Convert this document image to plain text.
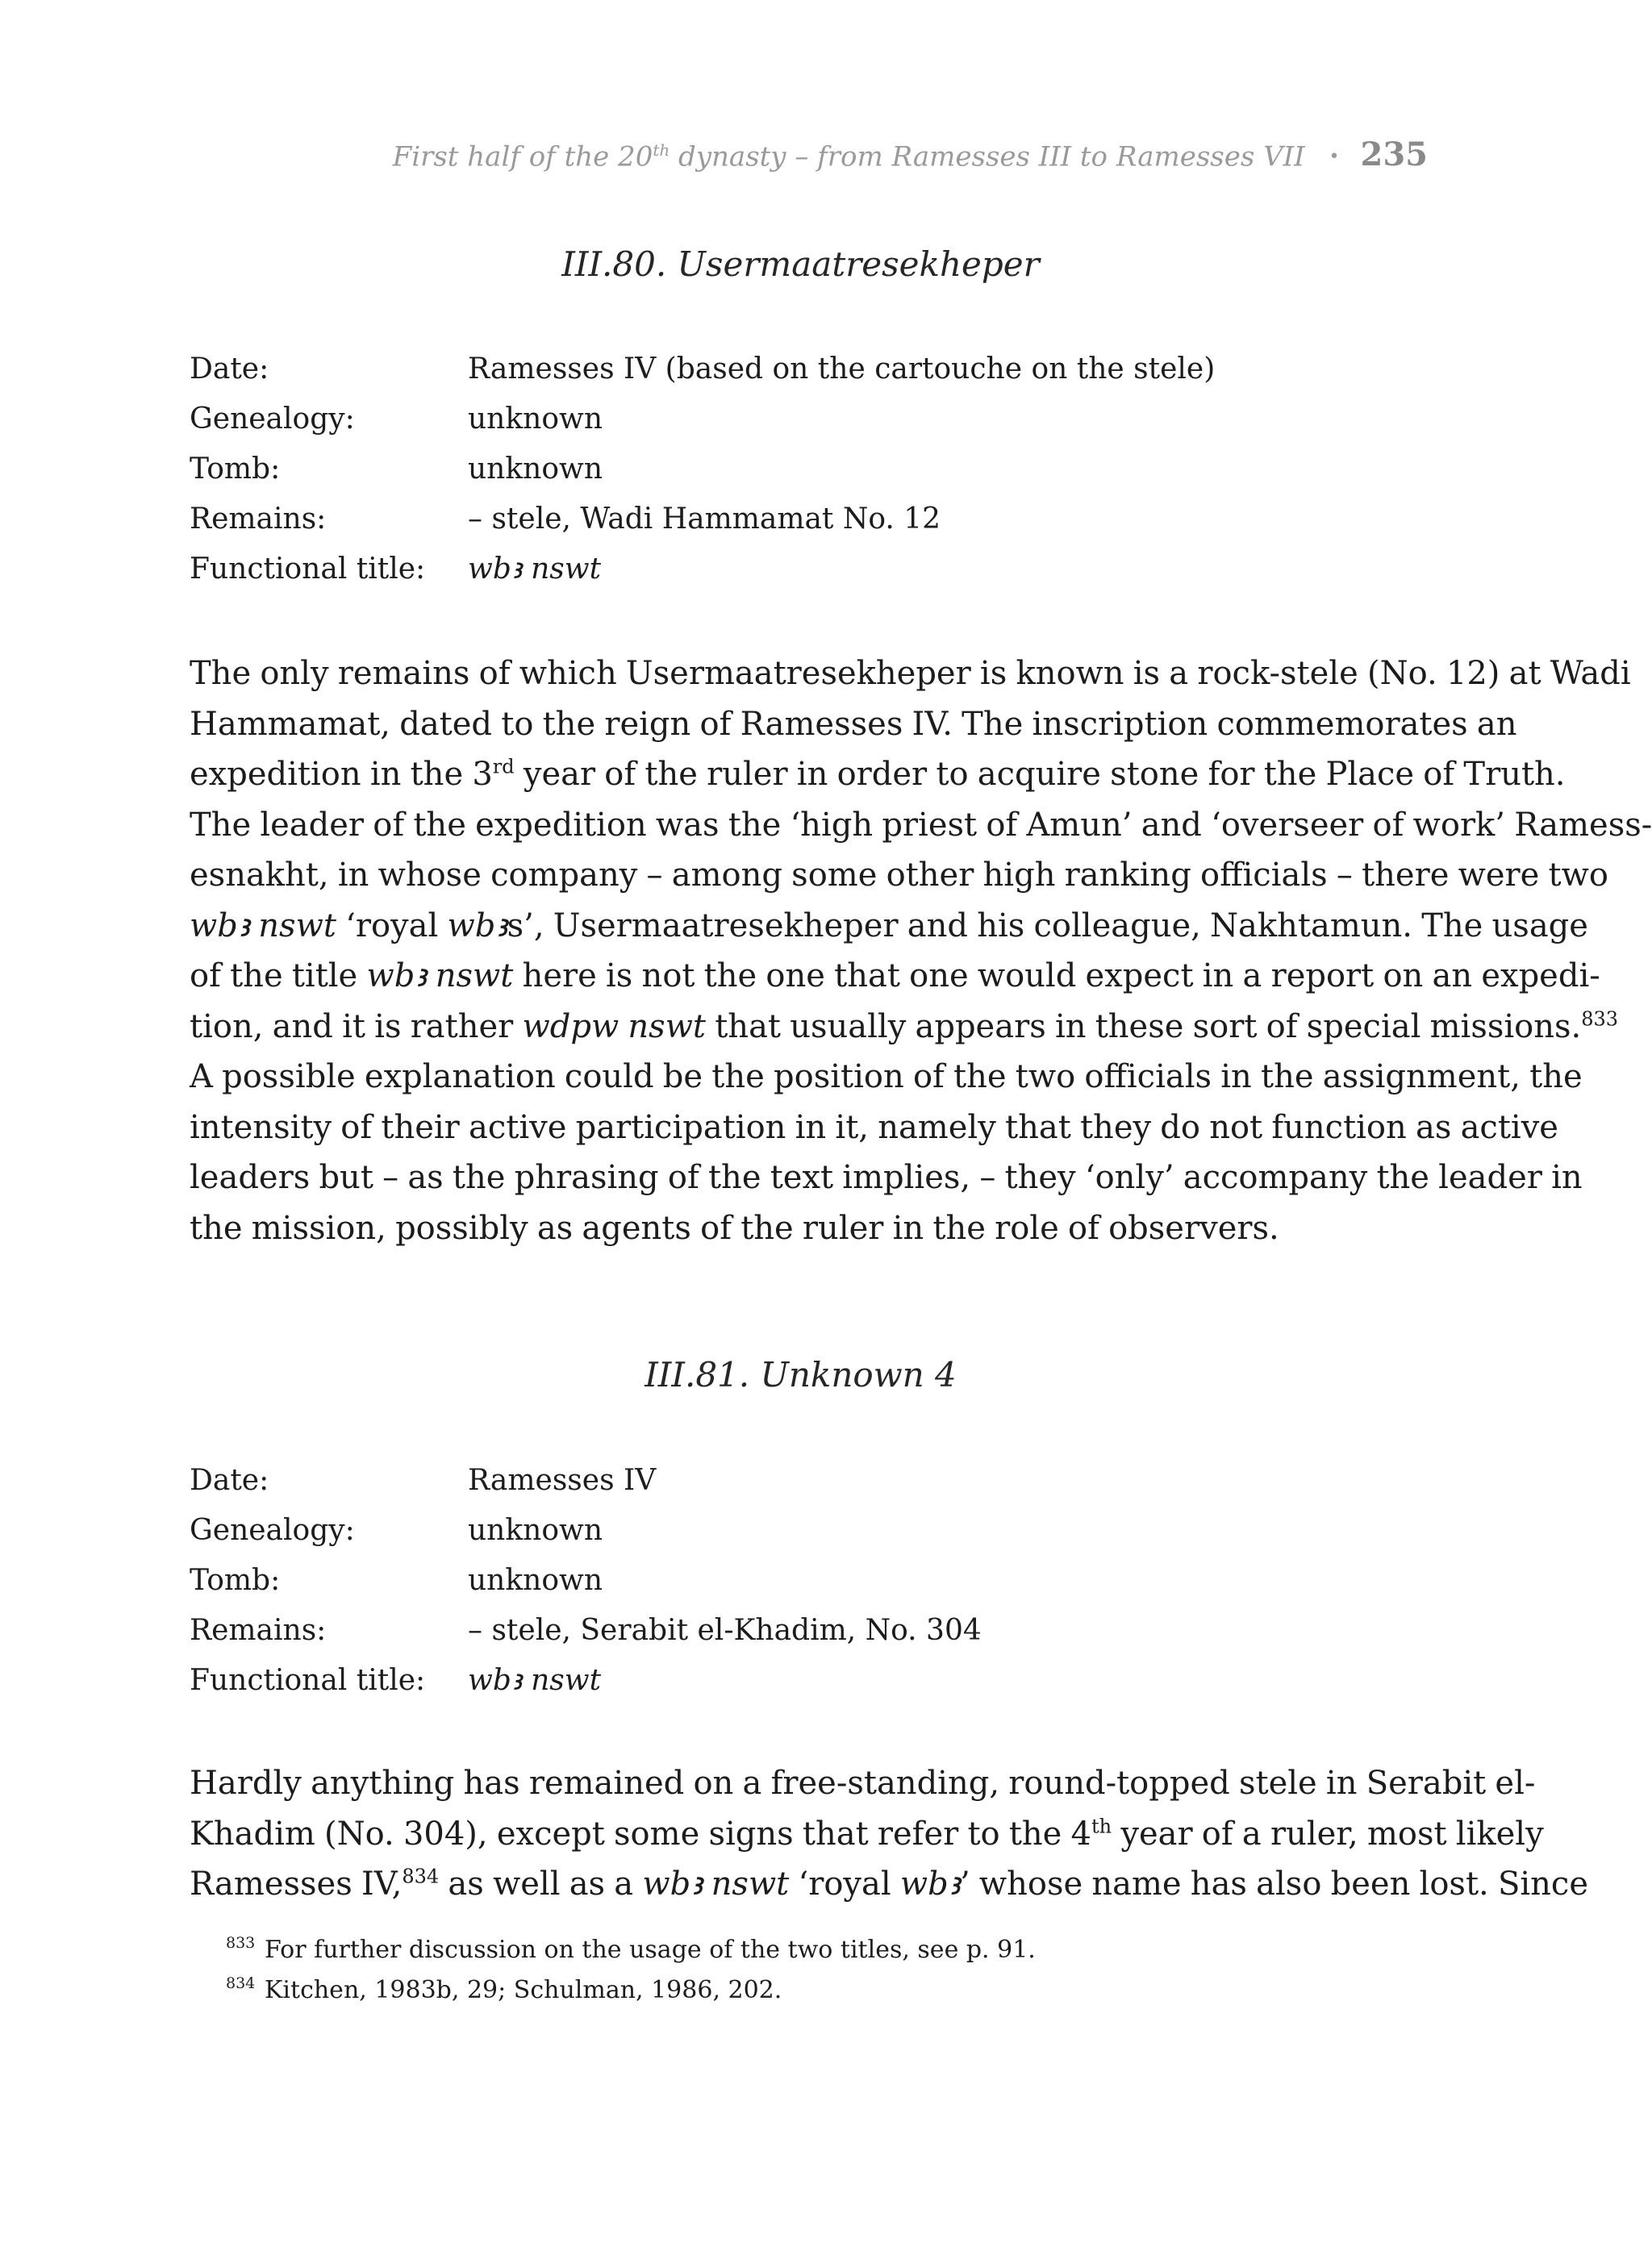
First half of the 20th dynasty – from Ramesses III to Ramesses VII • 235
III.80. Usermaatresekheper
Date:	Ramesses IV (based on the cartouche on the stele)
Genealogy:	unknown
Tomb:	unknown
Remains:	– stele, Wadi Hammamat No. 12
Functional title:	wbꜣ nswt
The only remains of which Usermaatresekheper is known is a rock-stele (No. 12) at Wadi
Hammamat, dated to the reign of Ramesses IV. The inscription commemorates an
expedition in the 3rd year of the ruler in order to acquire stone for the Place of Truth.
The leader of the expedition was the ‘high priest of Amun’ and ‘overseer of work’ Ramess-
esnakht, in whose company – among some other high ranking officials – there were two
wbꜣ nswt ‘royal wbꜣs’, Usermaatresekheper and his colleague, Nakhtamun. The usage
of the title wbꜣ nswt here is not the one that one would expect in a report on an expedi-
tion, and it is rather wdpw nswt that usually appears in these sort of special missions.$^{833}$
A possible explanation could be the position of the two officials in the assignment, the
intensity of their active participation in it, namely that they do not function as active
leaders but – as the phrasing of the text implies, – they ‘only’ accompany the leader in
the mission, possibly as agents of the ruler in the role of observers.
III.81. Unknown 4
Date:	Ramesses IV
Genealogy:	unknown
Tomb:	unknown
Remains:	– stele, Serabit el-Khadim, No. 304
Functional title:	wbꜣ nswt
Hardly anything has remained on a free-standing, round-topped stele in Serabit el-
Khadim (No. 304), except some signs that refer to the 4th year of a ruler, most likely
Ramesses IV,$^{834}$ as well as a wbꜣ nswt ‘royal wbꜣ’ whose name has also been lost. Since
833 For further discussion on the usage of the two titles, see p. 91.
834 Kitchen, 1983b, 29; Schulman, 1986, 202.
